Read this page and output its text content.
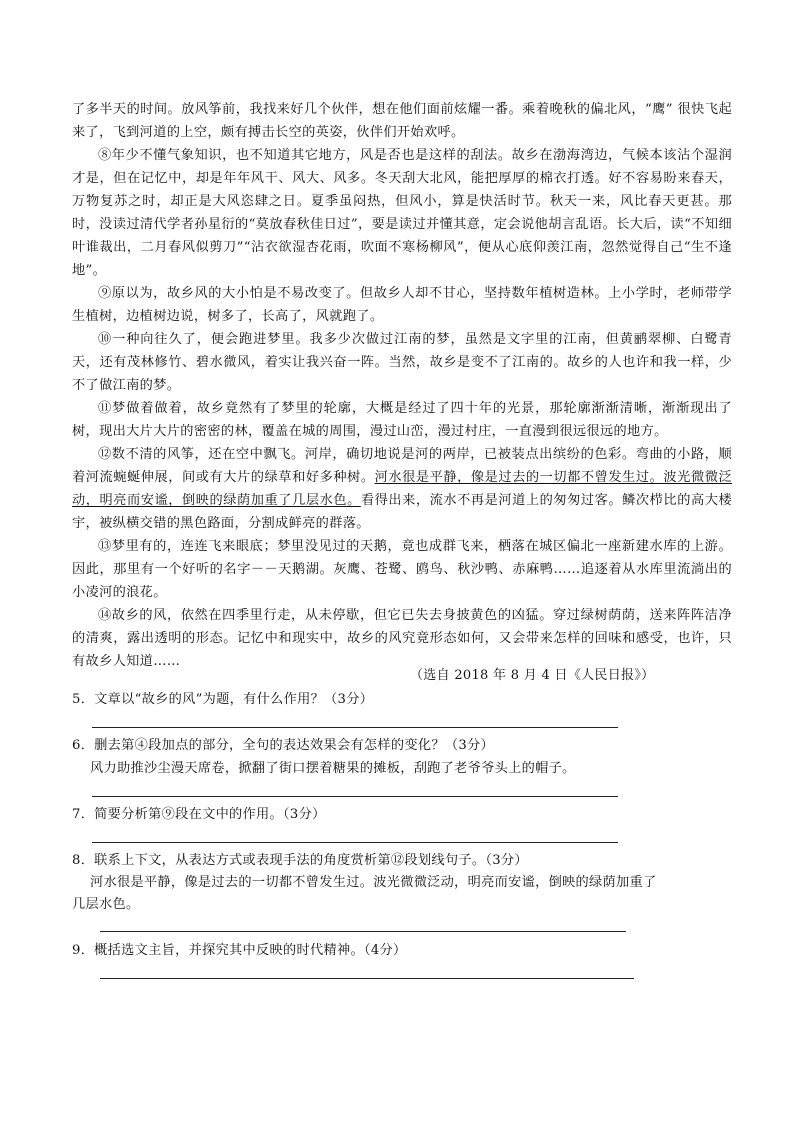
了多半天的时间。放风筝前，我找来好几个伙伴，想在他们面前炫耀一番。乘着晚秋的偏北风，“鹰” 很快飞起来了，飞到河道的上空，颇有搏击长空的英姿，伙伴们开始欢呼。

⑧年少不懂气象知识，也不知道其它地方，风是否也是这样的刮法。故乡在渤海湾边，气候本该沾个湿润才是，但在记忆中，却是年年风干、风大、风多。冬天刮大北风，能把厚厚的棉衣打透。好不容易盼来春天，万物复苏之时，却正是大风恣肆之日。夏季虽闷热，但风小，算是快活时节。秋天一来，风比春天更甚。那时，没读过清代学者孙星衍的“莫放春秋佳日过”，要是读过并懂其意，定会说他胡言乱语。长大后，读“不知细叶谁裁出，二月春风似剪刀”“沾衣欲湿杏花雨，吹面不寒杨柳风”，便从心底仰羡江南，忽然觉得自己“生不逢地”。

⑨原以为，故乡风的大小怕是不易改变了。但故乡人却不甘心，坚持数年植树造林。上小学时，老师带学生植树，边植树边说，树多了，长高了，风就跑了。

⑩一种向往久了，便会跑进梦里。我多少次做过江南的梦，虽然是文字里的江南，但黄鹂翠柳、白鹭青天，还有茂林修竹、碧水微风，着实让我兴奋一阵。当然，故乡是变不了江南的。故乡的人也许和我一样，少不了做江南的梦。

⑪梦做着做着，故乡竟然有了梦里的轮廓，大概是经过了四十年的光景，那轮廓渐渐清晰，渐渐现出了树，现出大片大片的密密的林，覆盖在城的周围，漫过山峦，漫过村庄，一直漫到很远很远的地方。

⑫数不清的风筝，还在空中飘飞。河岸，确切地说是河的两岸，已被装点出缤纷的色彩。弯曲的小路，顺着河流蜿蜒伸展，间或有大片的绿草和好多种树。河水很是平静，像是过去的一切都不曾发生过。波光微微泛动，明亮而安谧，倒映的绿荫加重了几层水色。看得出来，流水不再是河道上的匆匆过客。鳞次栉比的高大楼宇，被纵横交错的黑色路面，分割成鲜亮的群落。

⑬梦里有的，连连飞来眼底；梦里没见过的天鹅，竟也成群飞来，栖落在城区偏北一座新建水库的上游。因此，那里有一个好听的名字－－天鹅湖。灰鹰、苍鹭、鸥鸟、秋沙鸭、赤麻鸭……追逐着从水库里流淌出的小凌河的浪花。

⑭故乡的风，依然在四季里行走，从未停歇，但它已失去身披黄色的凶猛。穿过绿树荫荫，送来阵阵洁净的清爽，露出透明的形态。记忆中和现实中，故乡的风究竟形态如何，又会带来怎样的回味和感受，也许，只有故乡人知道……

（选自 2018 年 8 月 4 日《人民日报》）

5．文章以“故乡的风”为题，有什么作用？（3分）

6．删去第④段加点的部分，全句的表达效果会有怎样的变化？（3分）

风力助推沙尘漫天席卷，掀翻了街口摆着糖果的摊板，刮跑了老爷爷头上的帽子。

7．简要分析第⑨段在文中的作用。（3分）

8．联系上下文，从表达方式或表现手法的角度赏析第⑫段划线句子。（3分）

河水很是平静，像是过去的一切都不曾发生过。波光微微泛动，明亮而安谧，倒映的绿荫加重了几层水色。

9．概括选文主旨，并探究其中反映的时代精神。（4分）
